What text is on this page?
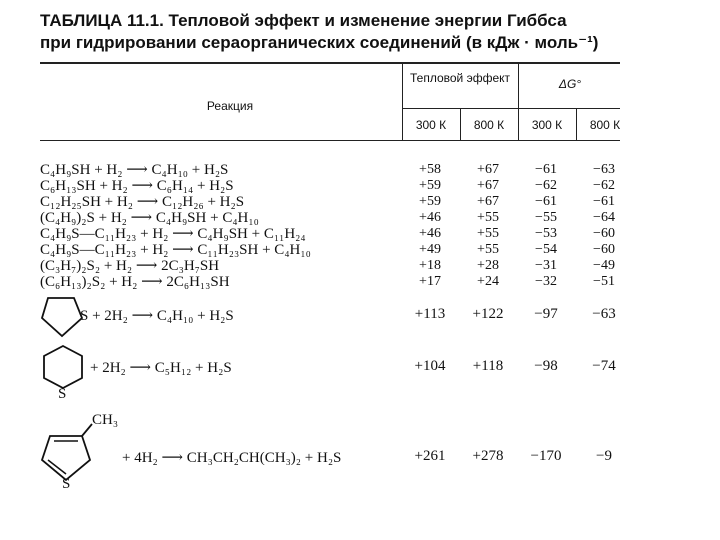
ТАБЛИЦА 11.1. Тепловой эффект и изменение энергии Гиббса
при гидрировании сераорганических соединений (в кДж · моль⁻¹)
Реакция
Тепловой эффект	ΔG°
300 К	800 К	300 К	800 К
C₄H₉SH + H₂ ⟶ C₄H₁₀ + H₂S	+58	+67	−61	−63
C₆H₁₃SH + H₂ ⟶ C₆H₁₄ + H₂S	+59	+67	−62	−62
C₁₂H₂₅SH + H₂ ⟶ C₁₂H₂₆ + H₂S	+59	+67	−61	−61
(C₄H₉)₂S + H₂ ⟶ C₄H₉SH + C₄H₁₀	+46	+55	−55	−64
C₄H₉S—C₁₁H₂₃ + H₂ ⟶ C₄H₉SH + C₁₁H₂₄	+46	+55	−53	−60
C₄H₉S—C₁₁H₂₃ + H₂ ⟶ C₁₁H₂₃SH + C₄H₁₀	+49	+55	−54	−60
(C₃H₇)₂S₂ + H₂ ⟶ 2C₃H₇SH	+18	+28	−31	−49
(C₆H₁₃)₂S₂ + H₂ ⟶ 2C₆H₁₃SH	+17	+24	−32	−51
S + 2H₂ ⟶ C₄H₁₀ + H₂S	+113	+122	−97	−63
S
+ 2H₂ ⟶ C₅H₁₂ + H₂S	+104	+118	−98	−74
CH₃
S
+ 4H₂ ⟶ CH₃CH₂CH(CH₃)₂ + H₂S	+261	+278	−170	−9
